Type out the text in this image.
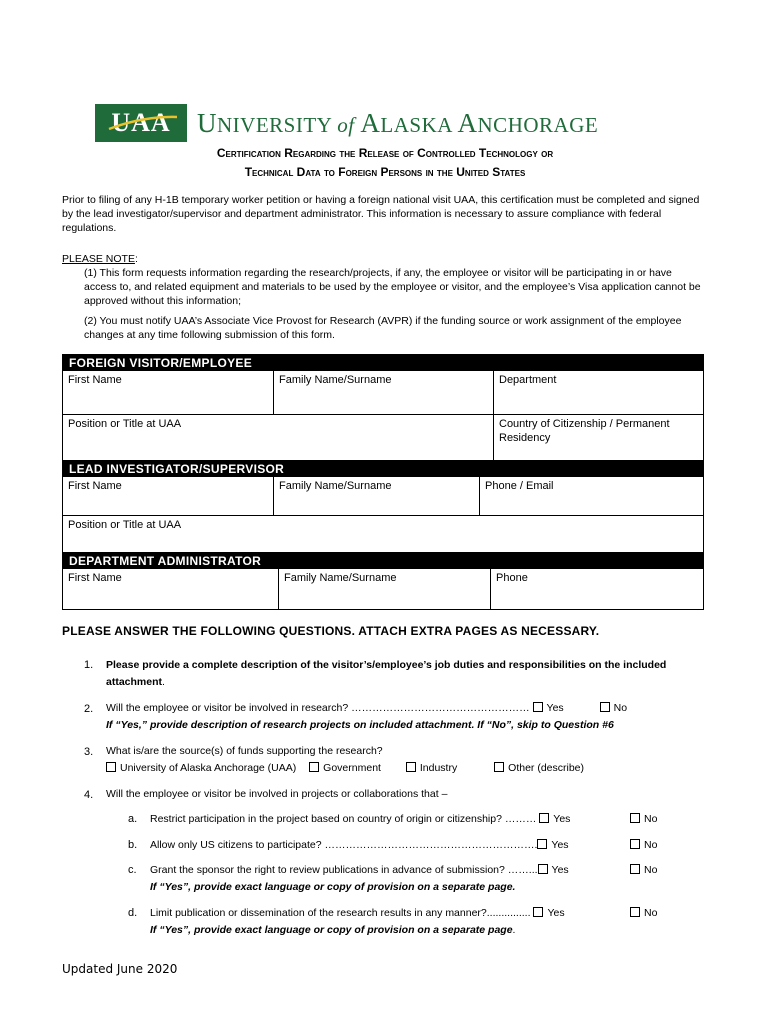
UAA UNIVERSITY of ALASKA ANCHORAGE
Certification Regarding the Release of Controlled Technology or
Technical Data to Foreign Persons in the United States
Prior to filing of any H-1B temporary worker petition or having a foreign national visit UAA, this certification must be completed and signed by the lead investigator/supervisor and department administrator. This information is necessary to assure compliance with federal regulations.

PLEASE NOTE:

(1) This form requests information regarding the research/projects, if any, the employee or visitor will be participating in or have access to, and related equipment and materials to be used by the employee or visitor, and the employee’s Visa application cannot be approved without this information;

(2) You must notify UAA’s Associate Vice Provost for Research (AVPR) if the funding source or work assignment of the employee changes at any time following submission of this form.

FOREIGN VISITOR/EMPLOYEE
First Name	Family Name/Surname	Department
Position or Title at UAA	Country of Citizenship / Permanent Residency
LEAD INVESTIGATOR/SUPERVISOR
First Name	Family Name/Surname	Phone / Email
Position or Title at UAA
DEPARTMENT ADMINISTRATOR
First Name	Family Name/Surname	Phone
PLEASE ANSWER THE FOLLOWING QUESTIONS. ATTACH EXTRA PAGES AS NECESSARY.
1. Please provide a complete description of the visitor’s/employee’s job duties and responsibilities on the included attachment.
2. Will the employee or visitor be involved in research? …………………………………………… Yes	No
If “Yes,” provide description of research projects on included attachment. If “No”, skip to Question #6
3. What is/are the source(s) of funds supporting the research?
University of Alaska Anchorage (UAA)	Government	Industry	Other (describe)
4. Will the employee or visitor be involved in projects or collaborations that –
a. Restrict participation in the project based on country of origin or citizenship? ……… Yes	No
b. Allow only US citizens to participate? ……………………………………………………. Yes	No
c. Grant the sponsor the right to review publications in advance of submission? ……... Yes
If “Yes”, provide exact language or copy of provision on a separate page.
No
d. Limit publication or dissemination of the research results in any manner?............... Yes
If “Yes”, provide exact language or copy of provision on a separate page.
No
Updated June 2020
